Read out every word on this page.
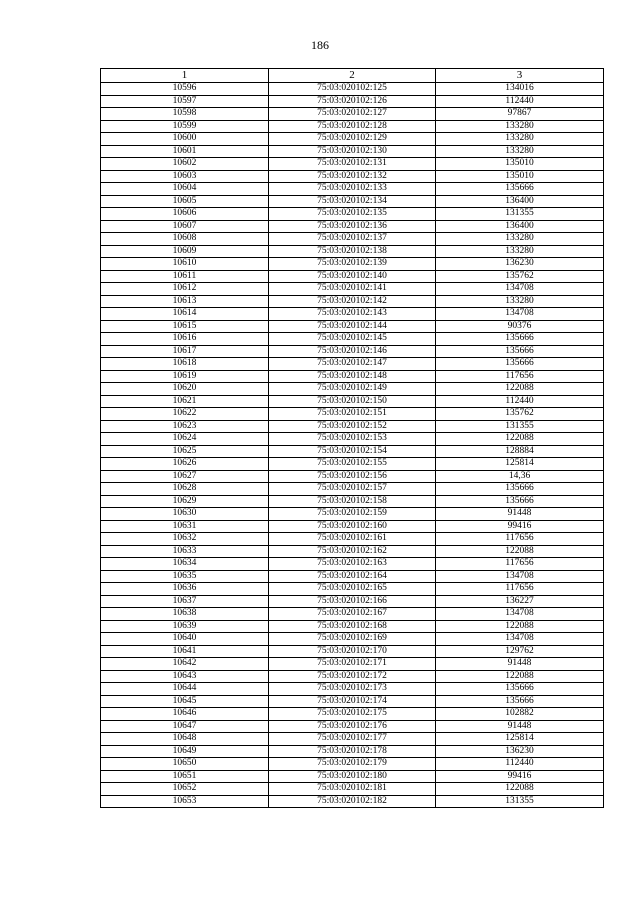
186
1	2	3
10596	75:03:020102:125	134016
10597	75:03:020102:126	112440
10598	75:03:020102:127	97867
10599	75:03:020102:128	133280
10600	75:03:020102:129	133280
10601	75:03:020102:130	133280
10602	75:03:020102:131	135010
10603	75:03:020102:132	135010
10604	75:03:020102:133	135666
10605	75:03:020102:134	136400
10606	75:03:020102:135	131355
10607	75:03:020102:136	136400
10608	75:03:020102:137	133280
10609	75:03:020102:138	133280
10610	75:03:020102:139	136230
10611	75:03:020102:140	135762
10612	75:03:020102:141	134708
10613	75:03:020102:142	133280
10614	75:03:020102:143	134708
10615	75:03:020102:144	90376
10616	75:03:020102:145	135666
10617	75:03:020102:146	135666
10618	75:03:020102:147	135666
10619	75:03:020102:148	117656
10620	75:03:020102:149	122088
10621	75:03:020102:150	112440
10622	75:03:020102:151	135762
10623	75:03:020102:152	131355
10624	75:03:020102:153	122088
10625	75:03:020102:154	128884
10626	75:03:020102:155	125814
10627	75:03:020102:156	14,36
10628	75:03:020102:157	135666
10629	75:03:020102:158	135666
10630	75:03:020102:159	91448
10631	75:03:020102:160	99416
10632	75:03:020102:161	117656
10633	75:03:020102:162	122088
10634	75:03:020102:163	117656
10635	75:03:020102:164	134708
10636	75:03:020102:165	117656
10637	75:03:020102:166	136227
10638	75:03:020102:167	134708
10639	75:03:020102:168	122088
10640	75:03:020102:169	134708
10641	75:03:020102:170	129762
10642	75:03:020102:171	91448
10643	75:03:020102:172	122088
10644	75:03:020102:173	135666
10645	75:03:020102:174	135666
10646	75:03:020102:175	102882
10647	75:03:020102:176	91448
10648	75:03:020102:177	125814
10649	75:03:020102:178	136230
10650	75:03:020102:179	112440
10651	75:03:020102:180	99416
10652	75:03:020102:181	122088
10653	75:03:020102:182	131355
